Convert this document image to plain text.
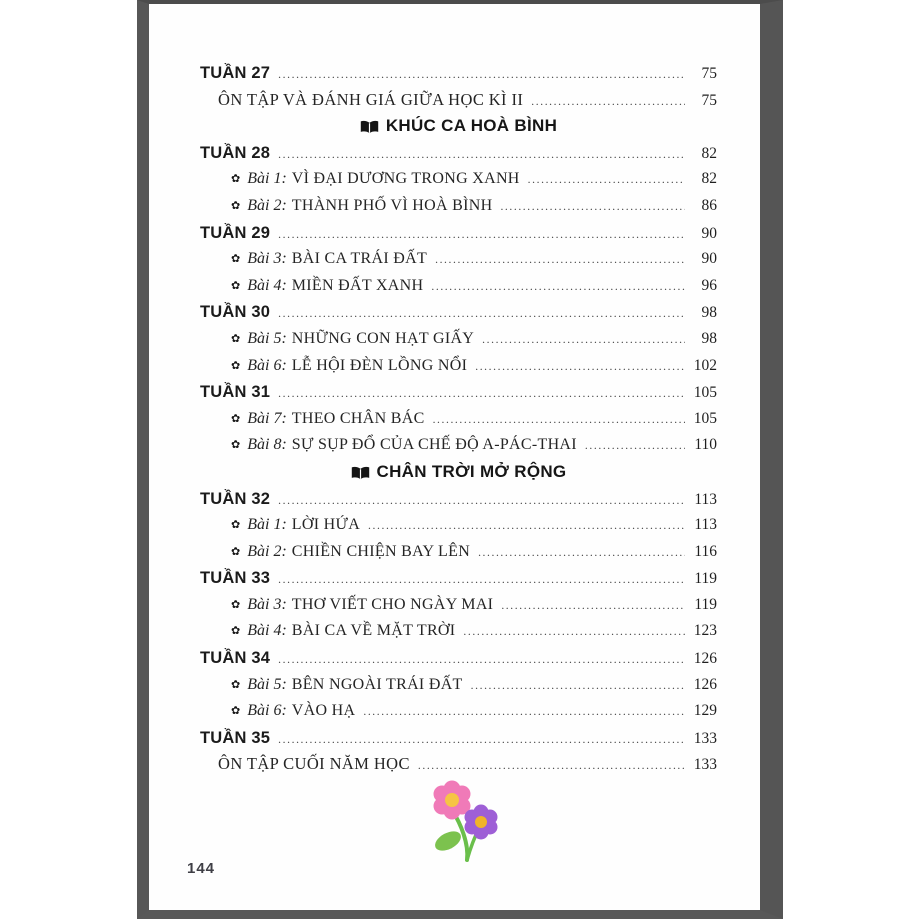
TUẦN 27 .....	75
ÔN TẬP VÀ ĐÁNH GIÁ GIỮA HỌC KÌ II .....	75
KHÚC CA HOÀ BÌNH
TUẦN 28 .....	82
✿ Bài 1: VÌ ĐẠI DƯƠNG TRONG XANH .....	82
✿ Bài 2: THÀNH PHỐ VÌ HOÀ BÌNH .....	86
TUẦN 29 .....	90
✿ Bài 3: BÀI CA TRÁI ĐẤT .....	90
✿ Bài 4: MIỀN ĐẤT XANH .....	96
TUẦN 30 .....	98
✿ Bài 5: NHỮNG CON HẠT GIẤY .....	98
✿ Bài 6: LỄ HỘI ĐÈN LỒNG NỔI .....	102
TUẦN 31 .....	105
✿ Bài 7: THEO CHÂN BÁC .....	105
✿ Bài 8: SỰ SỤP ĐỔ CỦA CHẾ ĐỘ A-PÁC-THAI .....	110
CHÂN TRỜI MỞ RỘNG
TUẦN 32 .....	113
✿ Bài 1: LỜI HỨA .....	113
✿ Bài 2: CHIỀN CHIỆN BAY LÊN .....	116
TUẦN 33 .....	119
✿ Bài 3: THƠ VIẾT CHO NGÀY MAI .....	119
✿ Bài 4: BÀI CA VỀ MẶT TRỜI .....	123
TUẦN 34 .....	126
✿ Bài 5: BÊN NGOÀI TRÁI ĐẤT .....	126
✿ Bài 6: VÀO HẠ .....	129
TUẦN 35 .....	133
ÔN TẬP CUỐI NĂM HỌC .....	133
144
